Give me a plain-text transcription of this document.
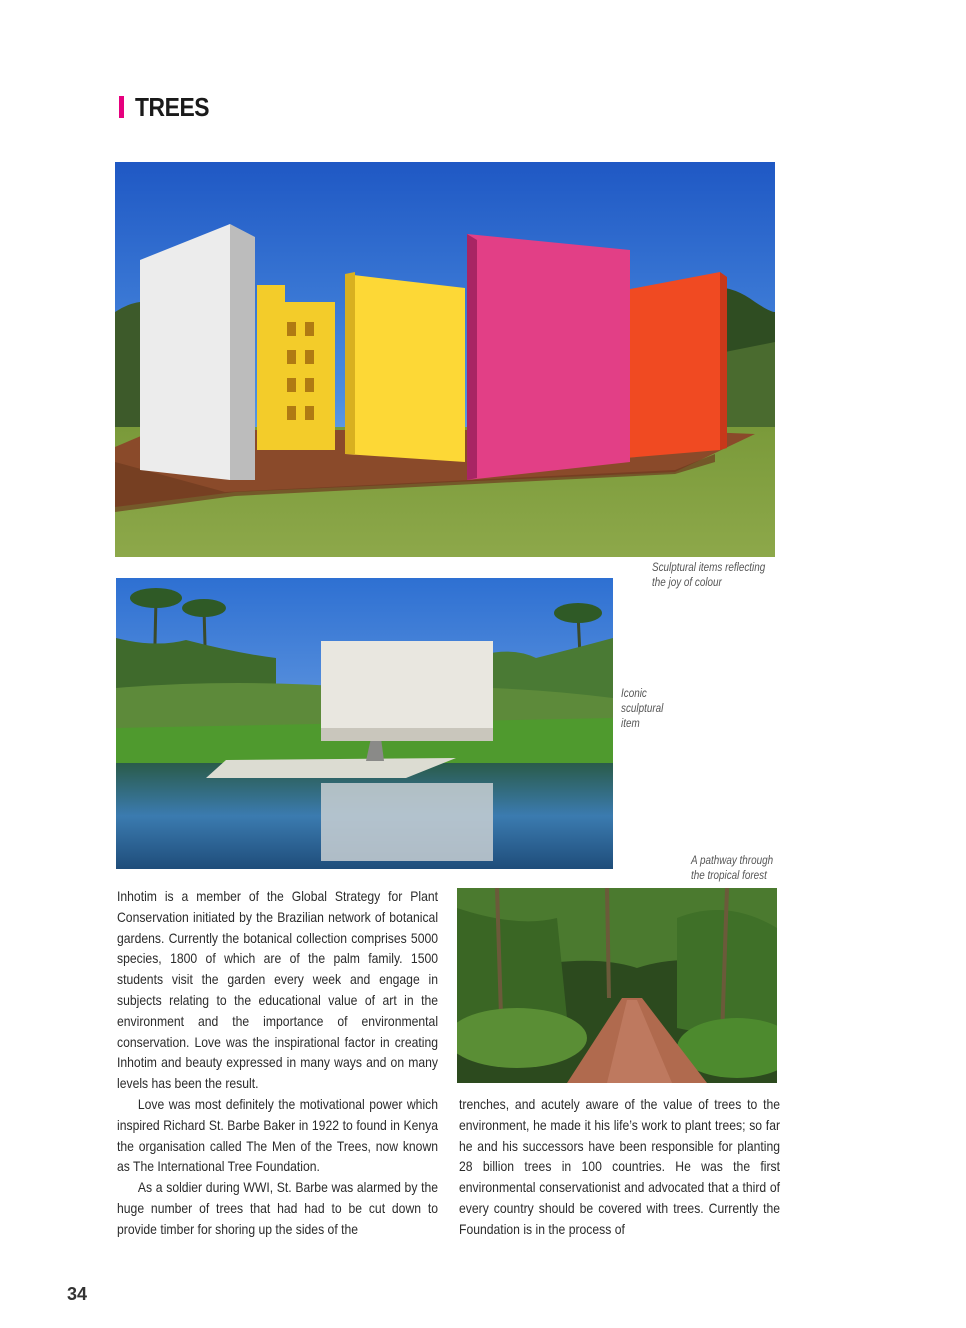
TREES
Sculptural items reflecting
the joy of colour
Iconic
sculptural
item
A pathway through
the tropical forest

Inhotim is a member of the Global Strategy for Plant Conservation initiated by the Brazilian network of botanical gardens. Currently the botanical collection comprises 5000 species, 1800 of which are of the palm family. 1500 students visit the garden every week and engage in subjects relating to the educational value of art in the environment and the importance of environmental conservation. Love was the inspirational factor in creating Inhotim and beauty expressed in many ways and on many levels has been the result.

Love was most definitely the motivational power which inspired Richard St. Barbe Baker in 1922 to found in Kenya the organisation called The Men of the Trees, now known as The International Tree Foundation.

As a soldier during WWI, St. Barbe was alarmed by the huge number of trees that had had to be cut down to provide timber for shoring up the sides of the

trenches, and acutely aware of the value of trees to the environment, he made it his life’s work to plant trees; so far he and his successors have been responsible for planting 28 billion trees in 100 countries. He was the first environmental conservationist and advocated that a third of every country should be covered with trees. Currently the Foundation is in the process of

34
